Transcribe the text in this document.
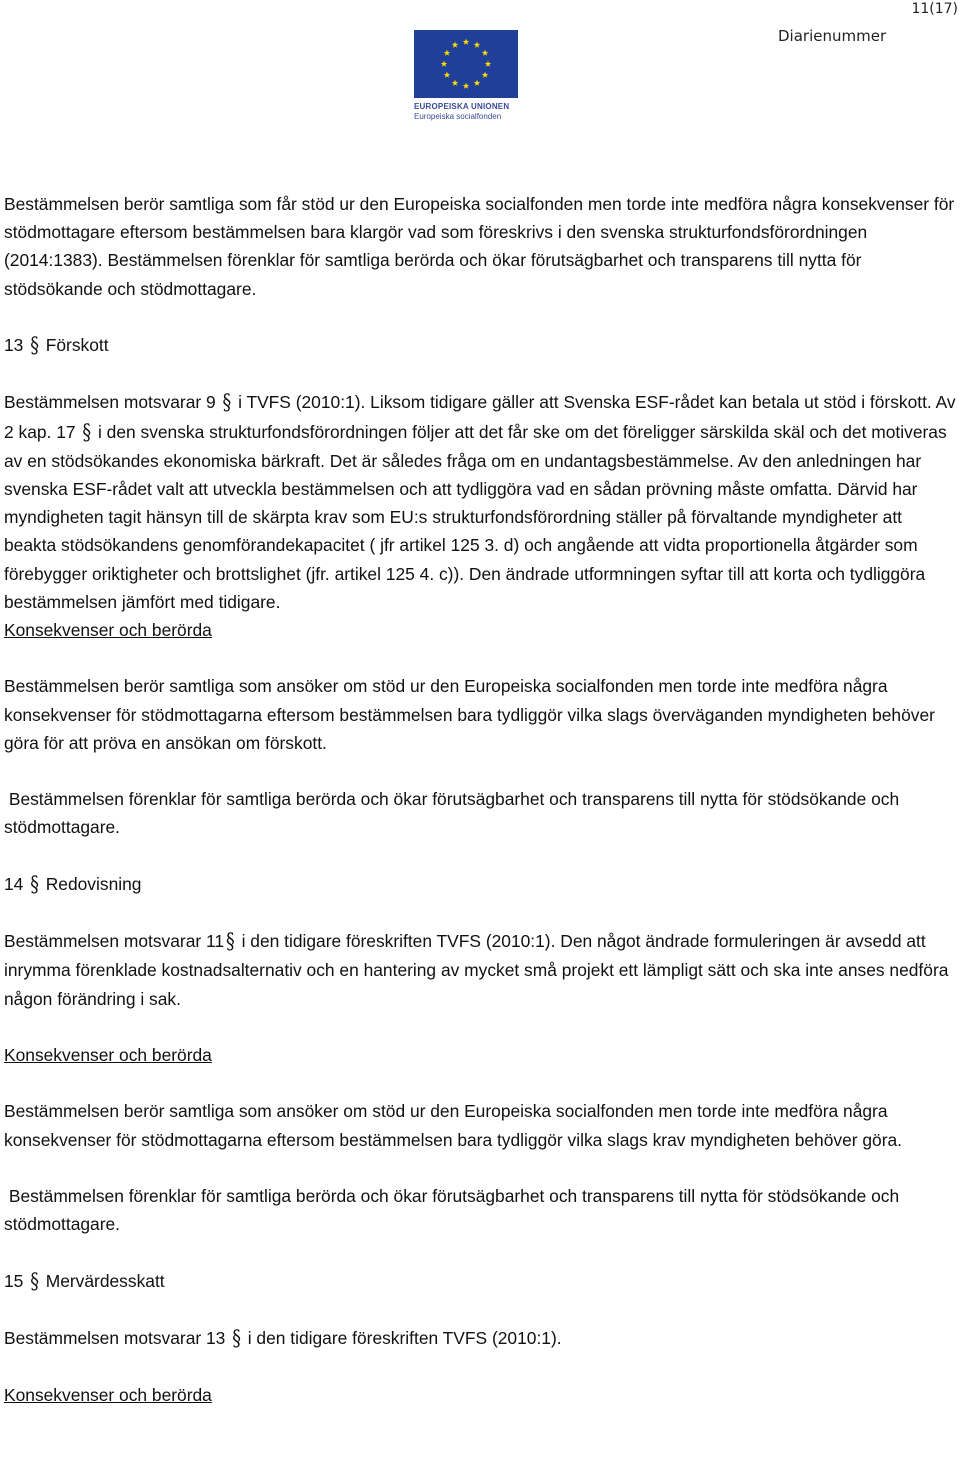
11(17)
Diarienummer
EUROPEISKA UNIONEN
Europeiska socialfonden

Bestämmelsen berör samtliga som får stöd ur den Europeiska socialfonden men torde inte medföra några konsekvenser för stödmottagare eftersom bestämmelsen bara klargör vad som föreskrivs i den svenska strukturfondsförordningen (2014:1383). Bestämmelsen förenklar för samtliga berörda och ökar förutsägbarhet och transparens till nytta för stödsökande och stödmottagare.

13 § Förskott

Bestämmelsen motsvarar 9 § i TVFS (2010:1). Liksom tidigare gäller att Svenska ESF-rådet kan betala ut stöd i förskott. Av 2 kap. 17 § i den svenska strukturfondsförordningen följer att det får ske om det föreligger särskilda skäl och det motiveras av en stödsökandes ekonomiska bärkraft. Det är således fråga om en undantagsbestämmelse. Av den anledningen har svenska ESF-rådet valt att utveckla bestämmelsen och att tydliggöra vad en sådan prövning måste omfatta. Därvid har myndigheten tagit hänsyn till de skärpta krav som EU:s strukturfondsförordning ställer på förvaltande myndigheter att beakta stödsökandens genomförandekapacitet ( jfr artikel 125 3. d) och angående att vidta proportionella åtgärder som förebygger oriktigheter och brottslighet (jfr. artikel 125 4. c)). Den ändrade utformningen syftar till att korta och tydliggöra bestämmelsen jämfört med tidigare.

Konsekvenser och berörda

Bestämmelsen berör samtliga som ansöker om stöd ur den Europeiska socialfonden men torde inte medföra några konsekvenser för stödmottagarna eftersom bestämmelsen bara tydliggör vilka slags överväganden myndigheten behöver göra för att pröva en ansökan om förskott.

Bestämmelsen förenklar för samtliga berörda och ökar förutsägbarhet och transparens till nytta för stödsökande och stödmottagare.

14 § Redovisning

Bestämmelsen motsvarar 11 § i den tidigare föreskriften TVFS (2010:1). Den något ändrade formuleringen är avsedd att inrymma förenklade kostnadsalternativ och en hantering av mycket små projekt ett lämpligt sätt och ska inte anses nedföra någon förändring i sak.

Konsekvenser och berörda

Bestämmelsen berör samtliga som ansöker om stöd ur den Europeiska socialfonden men torde inte medföra några konsekvenser för stödmottagarna eftersom bestämmelsen bara tydliggör vilka slags krav myndigheten behöver göra.

Bestämmelsen förenklar för samtliga berörda och ökar förutsägbarhet och transparens till nytta för stödsökande och stödmottagare.

15 § Mervärdesskatt

Bestämmelsen motsvarar 13 § i den tidigare föreskriften TVFS (2010:1).

Konsekvenser och berörda
